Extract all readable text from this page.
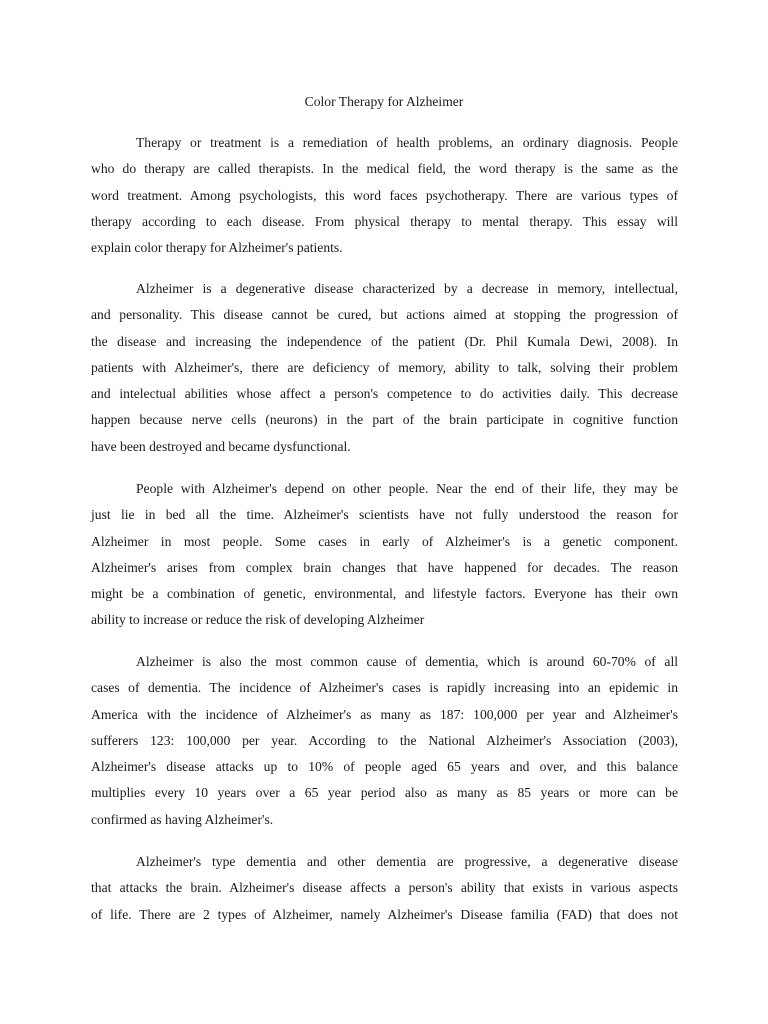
Color Therapy for Alzheimer
Therapy or treatment is a remediation of health problems, an ordinary diagnosis. People
who do therapy are called therapists. In the medical field, the word therapy is the same as the
word treatment. Among psychologists, this word faces psychotherapy. There are various types of
therapy according to each disease. From physical therapy to mental therapy. This essay will
explain color therapy for Alzheimer's patients.
Alzheimer is a degenerative disease characterized by a decrease in memory, intellectual,
and personality. This disease cannot be cured, but actions aimed at stopping the progression of
the disease and increasing the independence of the patient (Dr. Phil Kumala Dewi, 2008). In
patients with Alzheimer's, there are deficiency of memory, ability to talk, solving their problem
and intelectual abilities whose affect a person's competence to do activities daily. This decrease
happen because nerve cells (neurons) in the part of the brain participate in cognitive function
have been destroyed and became dysfunctional.
People with Alzheimer's depend on other people. Near the end of their life, they may be
just lie in bed all the time. Alzheimer's scientists have not fully understood the reason for
Alzheimer in most people. Some cases in early of Alzheimer's is a genetic component.
Alzheimer's arises from complex brain changes that have happened for decades. The reason
might be a combination of genetic, environmental, and lifestyle factors. Everyone has their own
ability to increase or reduce the risk of developing Alzheimer
Alzheimer is also the most common cause of dementia, which is around 60-70% of all
cases of dementia. The incidence of Alzheimer's cases is rapidly increasing into an epidemic in
America with the incidence of Alzheimer's as many as 187: 100,000 per year and Alzheimer's
sufferers 123: 100,000 per year. According to the National Alzheimer's Association (2003),
Alzheimer's disease attacks up to 10% of people aged 65 years and over, and this balance
multiplies every 10 years over a 65 year period also as many as 85 years or more can be
confirmed as having Alzheimer's.
Alzheimer's type dementia and other dementia are progressive, a degenerative disease
that attacks the brain. Alzheimer's disease affects a person's ability that exists in various aspects
of life. There are 2 types of Alzheimer, namely Alzheimer's Disease familia (FAD) that does not
